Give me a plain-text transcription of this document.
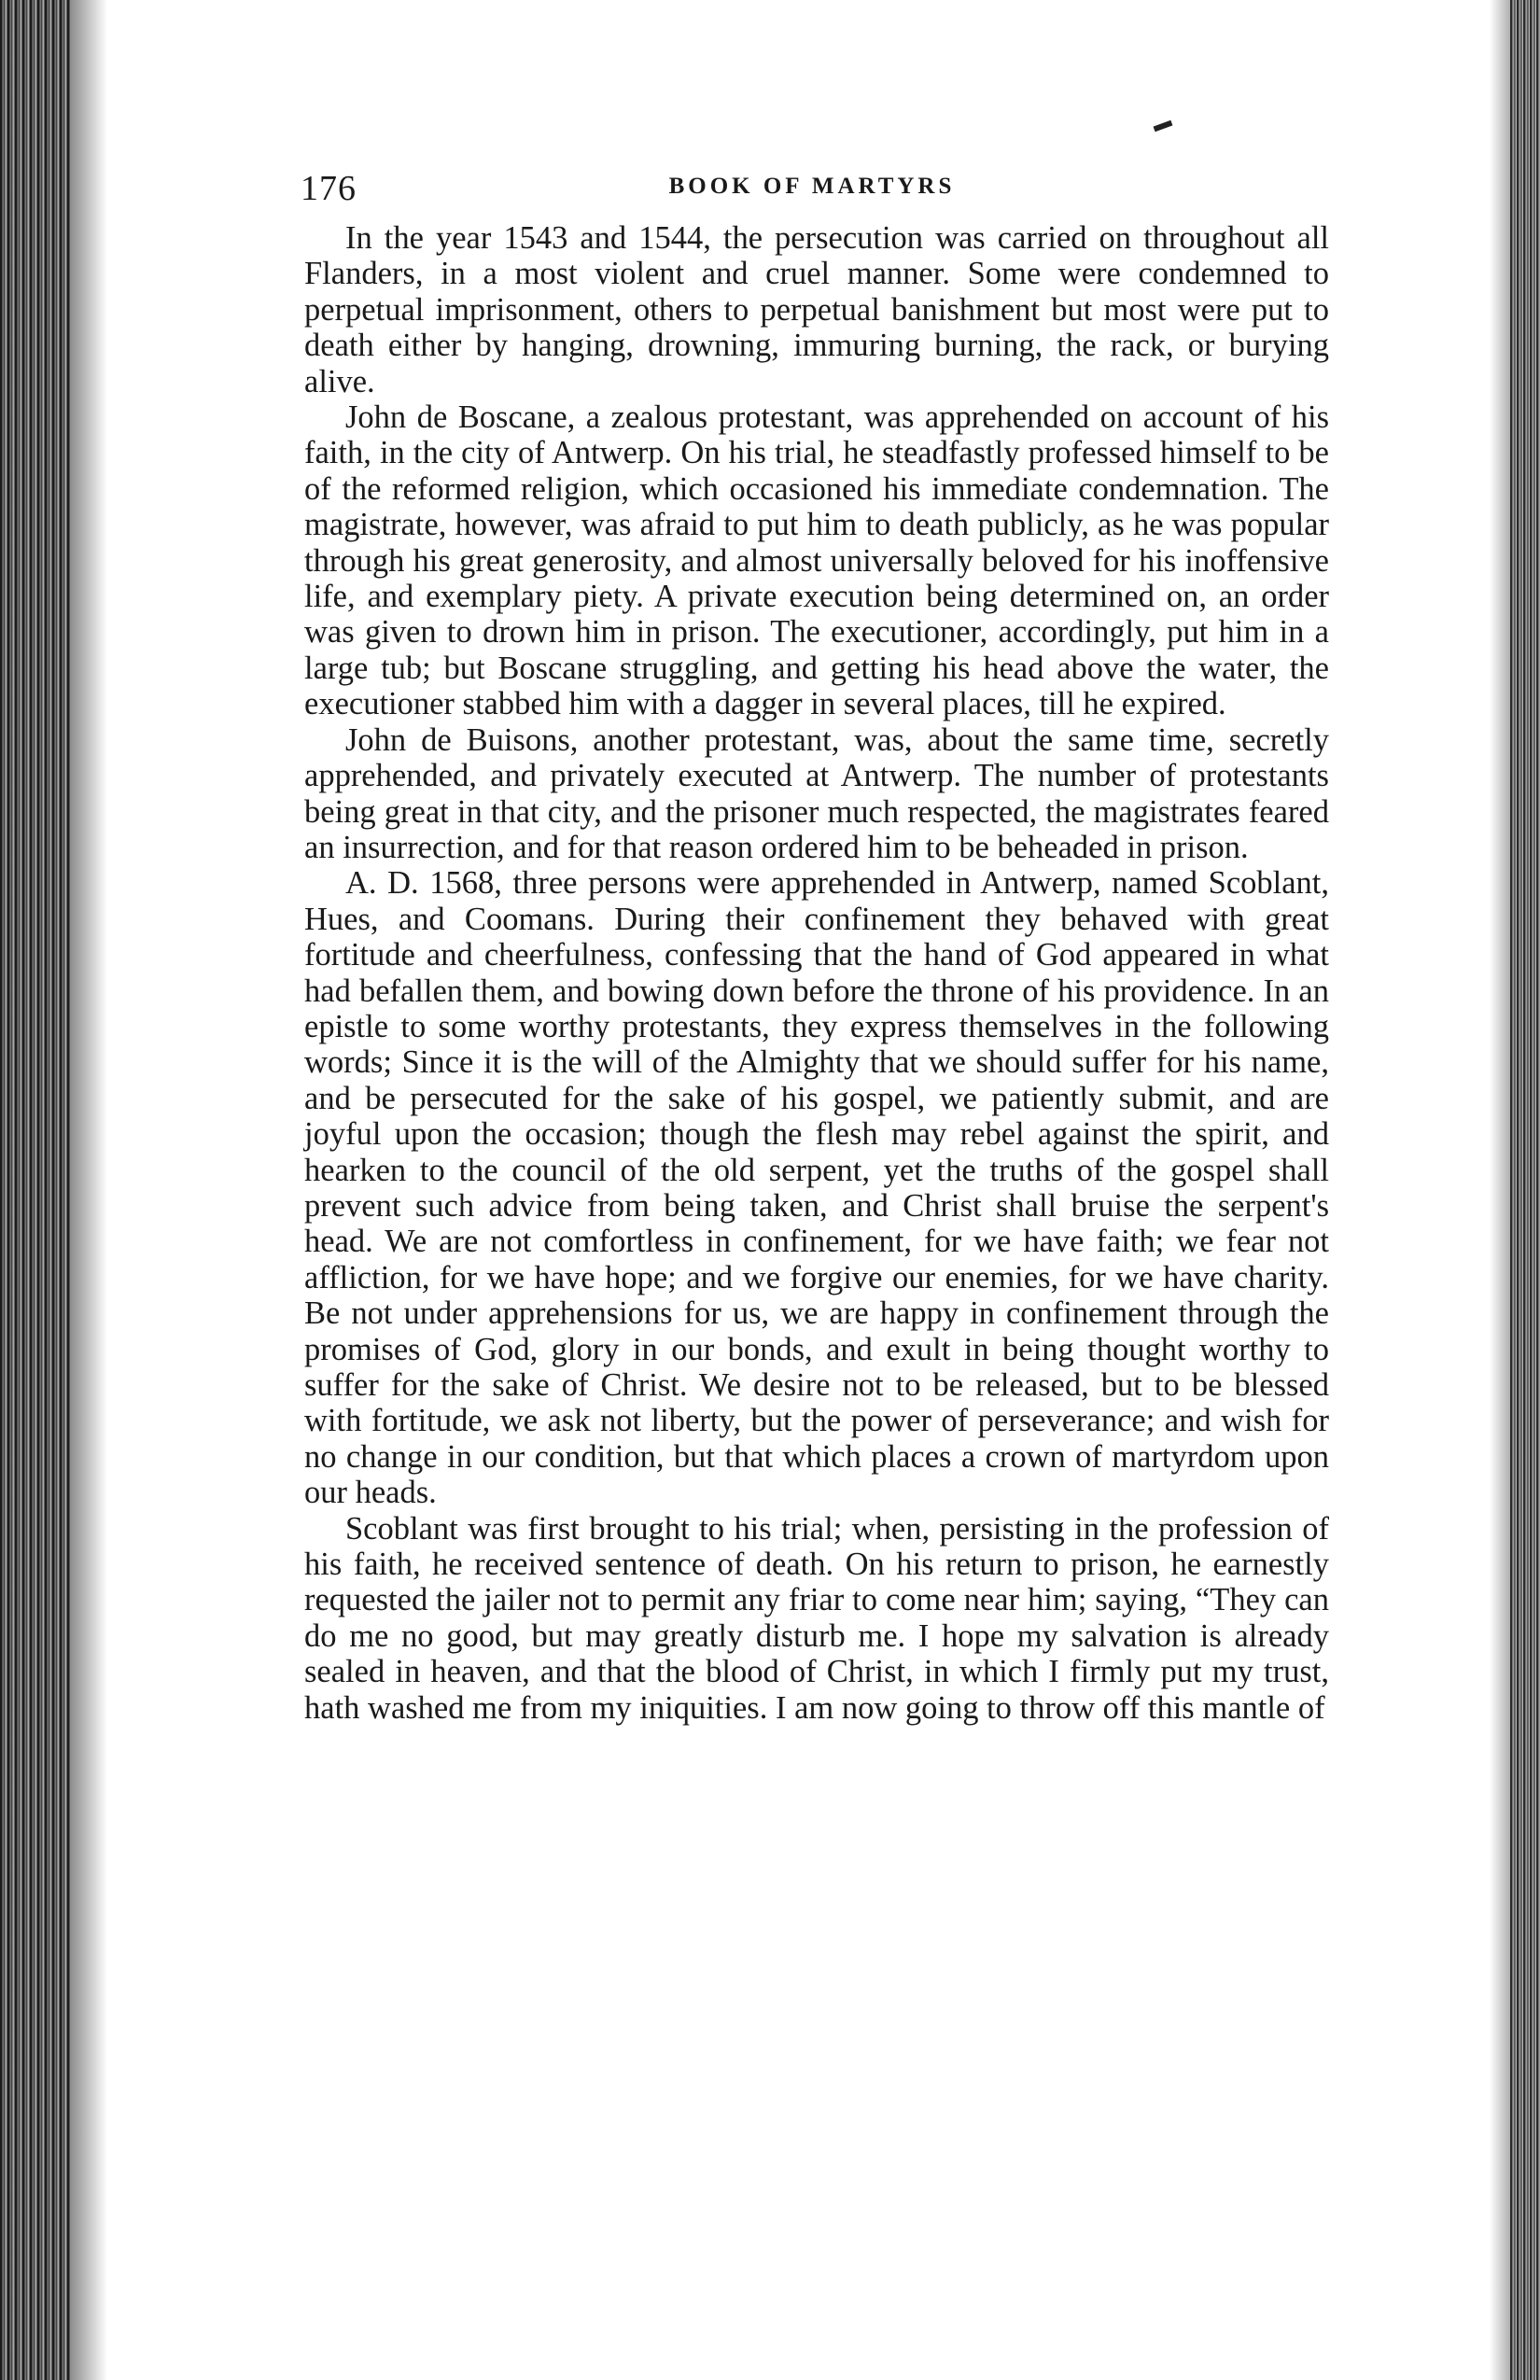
176	BOOK OF MARTYRS

In the year 1543 and 1544, the persecution was carried on throughout all Flanders, in a most violent and cruel manner. Some were condemned to perpetual imprisonment, others to perpetual banishment but most were put to death either by hanging, drowning, immuring burning, the rack, or burying alive.

John de Boscane, a zealous protestant, was apprehended on account of his faith, in the city of Antwerp. On his trial, he steadfastly professed himself to be of the reformed religion, which occasioned his immediate condemnation. The magistrate, however, was afraid to put him to death publicly, as he was popular through his great generosity, and almost universally beloved for his inoffensive life, and exemplary piety. A private execution being determined on, an order was given to drown him in prison. The executioner, accordingly, put him in a large tub; but Boscane struggling, and getting his head above the water, the executioner stabbed him with a dagger in several places, till he expired.

John de Buisons, another protestant, was, about the same time, secretly apprehended, and privately executed at Antwerp. The number of protestants being great in that city, and the prisoner much respected, the magistrates feared an insurrection, and for that reason ordered him to be beheaded in prison.

A. D. 1568, three persons were apprehended in Antwerp, named Scoblant, Hues, and Coomans. During their confinement they behaved with great fortitude and cheerfulness, confessing that the hand of God appeared in what had befallen them, and bowing down before the throne of his providence. In an epistle to some worthy protestants, they express themselves in the following words; Since it is the will of the Almighty that we should suffer for his name, and be persecuted for the sake of his gospel, we patiently submit, and are joyful upon the occasion; though the flesh may rebel against the spirit, and hearken to the council of the old serpent, yet the truths of the gospel shall prevent such advice from being taken, and Christ shall bruise the serpent's head. We are not comfortless in confinement, for we have faith; we fear not affliction, for we have hope; and we forgive our enemies, for we have charity. Be not under apprehensions for us, we are happy in confinement through the promises of God, glory in our bonds, and exult in being thought worthy to suffer for the sake of Christ. We desire not to be released, but to be blessed with fortitude, we ask not liberty, but the power of perseverance; and wish for no change in our condition, but that which places a crown of martyrdom upon our heads.

Scoblant was first brought to his trial; when, persisting in the profession of his faith, he received sentence of death. On his return to prison, he earnestly requested the jailer not to permit any friar to come near him; saying, “They can do me no good, but may greatly disturb me. I hope my salvation is already sealed in heaven, and that the blood of Christ, in which I firmly put my trust, hath washed me from my iniquities. I am now going to throw off this mantle of
